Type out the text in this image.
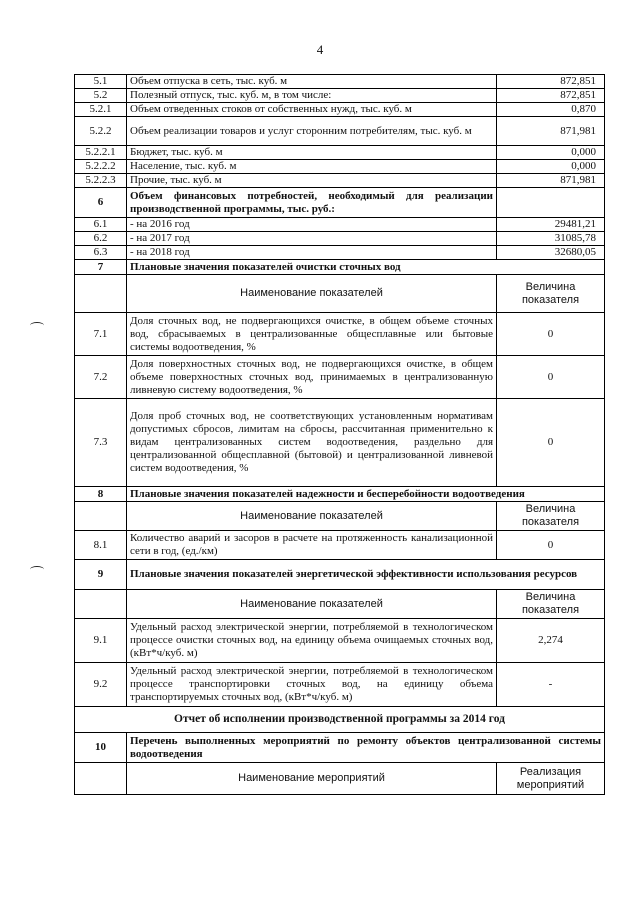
4
5.1	Объем отпуска в сеть, тыс. куб. м	872,851
5.2	Полезный отпуск, тыс. куб. м, в том числе:	872,851
5.2.1	Объем отведенных стоков от собственных нужд, тыс. куб. м	0,870
5.2.2	Объем реализации товаров и услуг сторонним потребителям, тыс. куб. м	871,981
5.2.2.1	Бюджет, тыс. куб. м	0,000
5.2.2.2	Население, тыс. куб. м	0,000
5.2.2.3	Прочие, тыс. куб. м	871,981
6	Объем финансовых потребностей, необходимый для реализации производственной программы, тыс. руб.:	
6.1	- на 2016 год	29481,21
6.2	- на 2017 год	31085,78
6.3	- на 2018 год	32680,05
7	Плановые значения показателей очистки сточных вод	
	Наименование показателей	Величина показателя
7.1	Доля сточных вод, не подвергающихся очистке, в общем объеме сточных вод, сбрасываемых в централизованные общесплавные или бытовые системы водоотведения, %	0
7.2	Доля поверхностных сточных вод, не подвергающихся очистке, в общем объеме поверхностных сточных вод, принимаемых в централизованную ливневую систему водоотведения, %	0
7.3	Доля проб сточных вод, не соответствующих установленным нормативам допустимых сбросов, лимитам на сбросы, рассчитанная применительно к видам централизованных систем водоотведения, раздельно для централизованной общесплавной (бытовой) и централизованной ливневой систем водоотведения, %	0
8	Плановые значения показателей надежности и бесперебойности водоотведения	
	Наименование показателей	Величина показателя
8.1	Количество аварий и засоров в расчете на протяженность канализационной сети в год, (ед./км)	0
9	Плановые значения показателей энергетической эффективности использования ресурсов	
	Наименование показателей	Величина показателя
9.1	Удельный расход электрической энергии, потребляемой в технологическом процессе очистки сточных вод, на единицу объема очищаемых сточных вод, (кВт*ч/куб. м)	2,274
9.2	Удельный расход электрической энергии, потребляемой в технологическом процессе транспортировки сточных вод, на единицу объема транспортируемых сточных вод, (кВт*ч/куб. м)	-
Отчет об исполнении производственной программы за 2014 год		
10	Перечень выполненных мероприятий по ремонту объектов централизованной системы водоотведения	
	Наименование мероприятий	Реализация мероприятий
